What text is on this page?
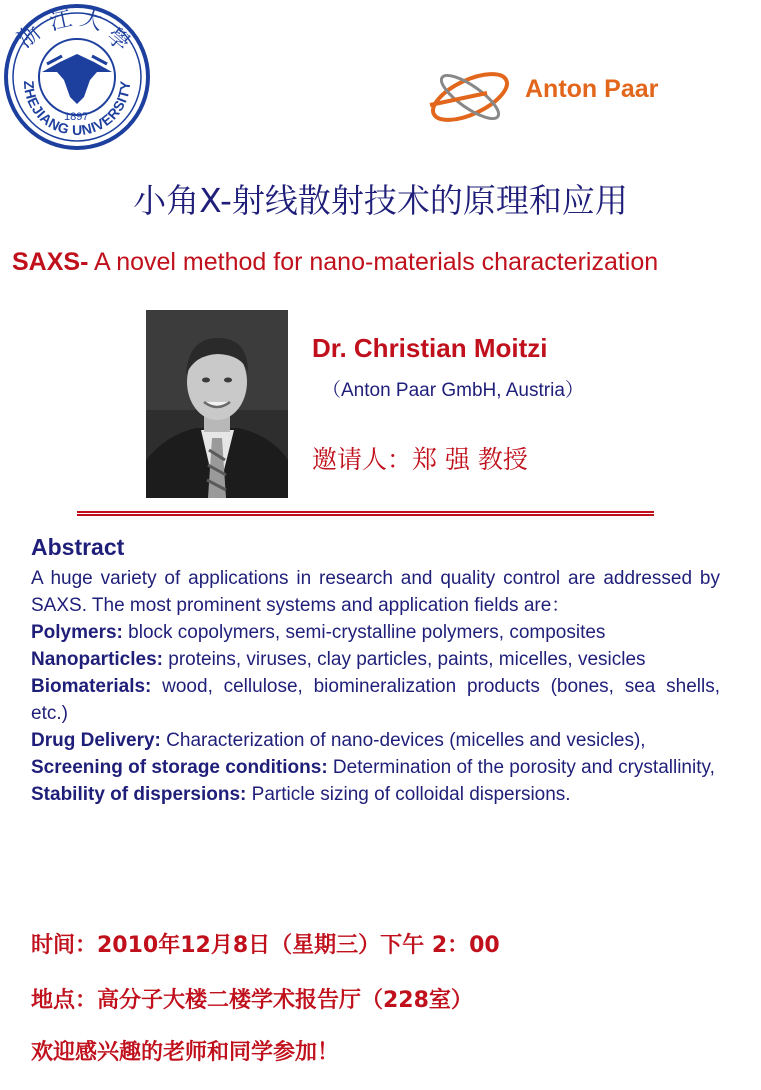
浙 江 大
學
1897
ZHEJIANG UNIVERSITY	Anton Paar
小角X-射线散射技术的原理和应用
SAXS- A novel method for nano-materials characterization
Dr. Christian Moitzi
（Anton Paar GmbH, Austria）
邀请人：郑 强 教授
Abstract
A huge variety of applications in research and quality control are addressed by SAXS. The most prominent systems and application fields are：
Polymers: block copolymers, semi-crystalline polymers, composites
Nanoparticles: proteins, viruses, clay particles, paints, micelles, vesicles
Biomaterials: wood, cellulose, biomineralization products (bones, sea shells, etc.)
Drug Delivery: Characterization of nano-devices (micelles and vesicles),
Screening of storage conditions: Determination of the porosity and crystallinity,
Stability of dispersions: Particle sizing of colloidal dispersions.
时间：2010年12月8日（星期三）下午 2：00
地点：高分子大楼二楼学术报告厅（228室）
欢迎感兴趣的老师和同学参加！
